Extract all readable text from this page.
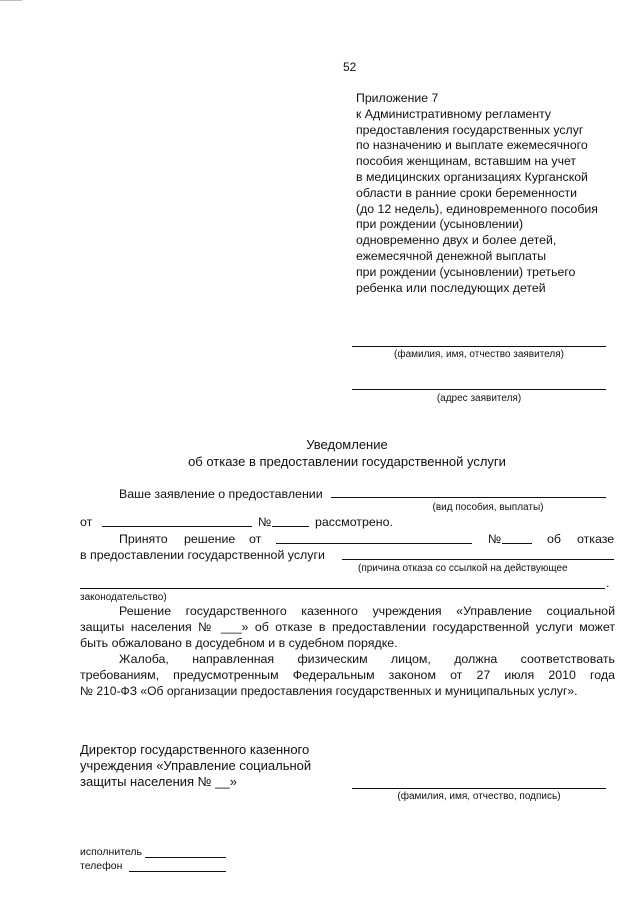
52
Приложение 7
к Административному регламенту
предоставления государственных услуг
по назначению и выплате ежемесячного
пособия женщинам, вставшим на учет
в медицинских организациях Курганской
области в ранние сроки беременности
(до 12 недель), единовременного пособия
при рождении (усыновлении)
одновременно двух и более детей,
ежемесячной денежной выплаты
при рождении (усыновлении) третьего
ребенка или последующих детей
(фамилия, имя, отчество заявителя)
(адрес заявителя)
Уведомление
об отказе в предоставлении государственной услуги
Ваше заявление о предоставлении
(вид пособия, выплаты)
от	№	рассмотрено.
Принято решение от	№	об отказе
в предоставлении государственной услуги
(причина отказа со ссылкой на действующее
.
законодательство)
Решение государственного казенного учреждения «Управление социальной
защиты населения № ___» об отказе в предоставлении государственной услуги может
быть обжаловано в досудебном и в судебном порядке.
Жалоба, направленная физическим лицом, должна соответствовать
требованиям, предусмотренным Федеральным законом от 27 июля 2010 года
№ 210-ФЗ «Об организации предоставления государственных и муниципальных услуг».
Директор государственного казенного
учреждения «Управление социальной
защиты населения № __»
(фамилия, имя, отчество, подпись)
исполнитель
телефон
